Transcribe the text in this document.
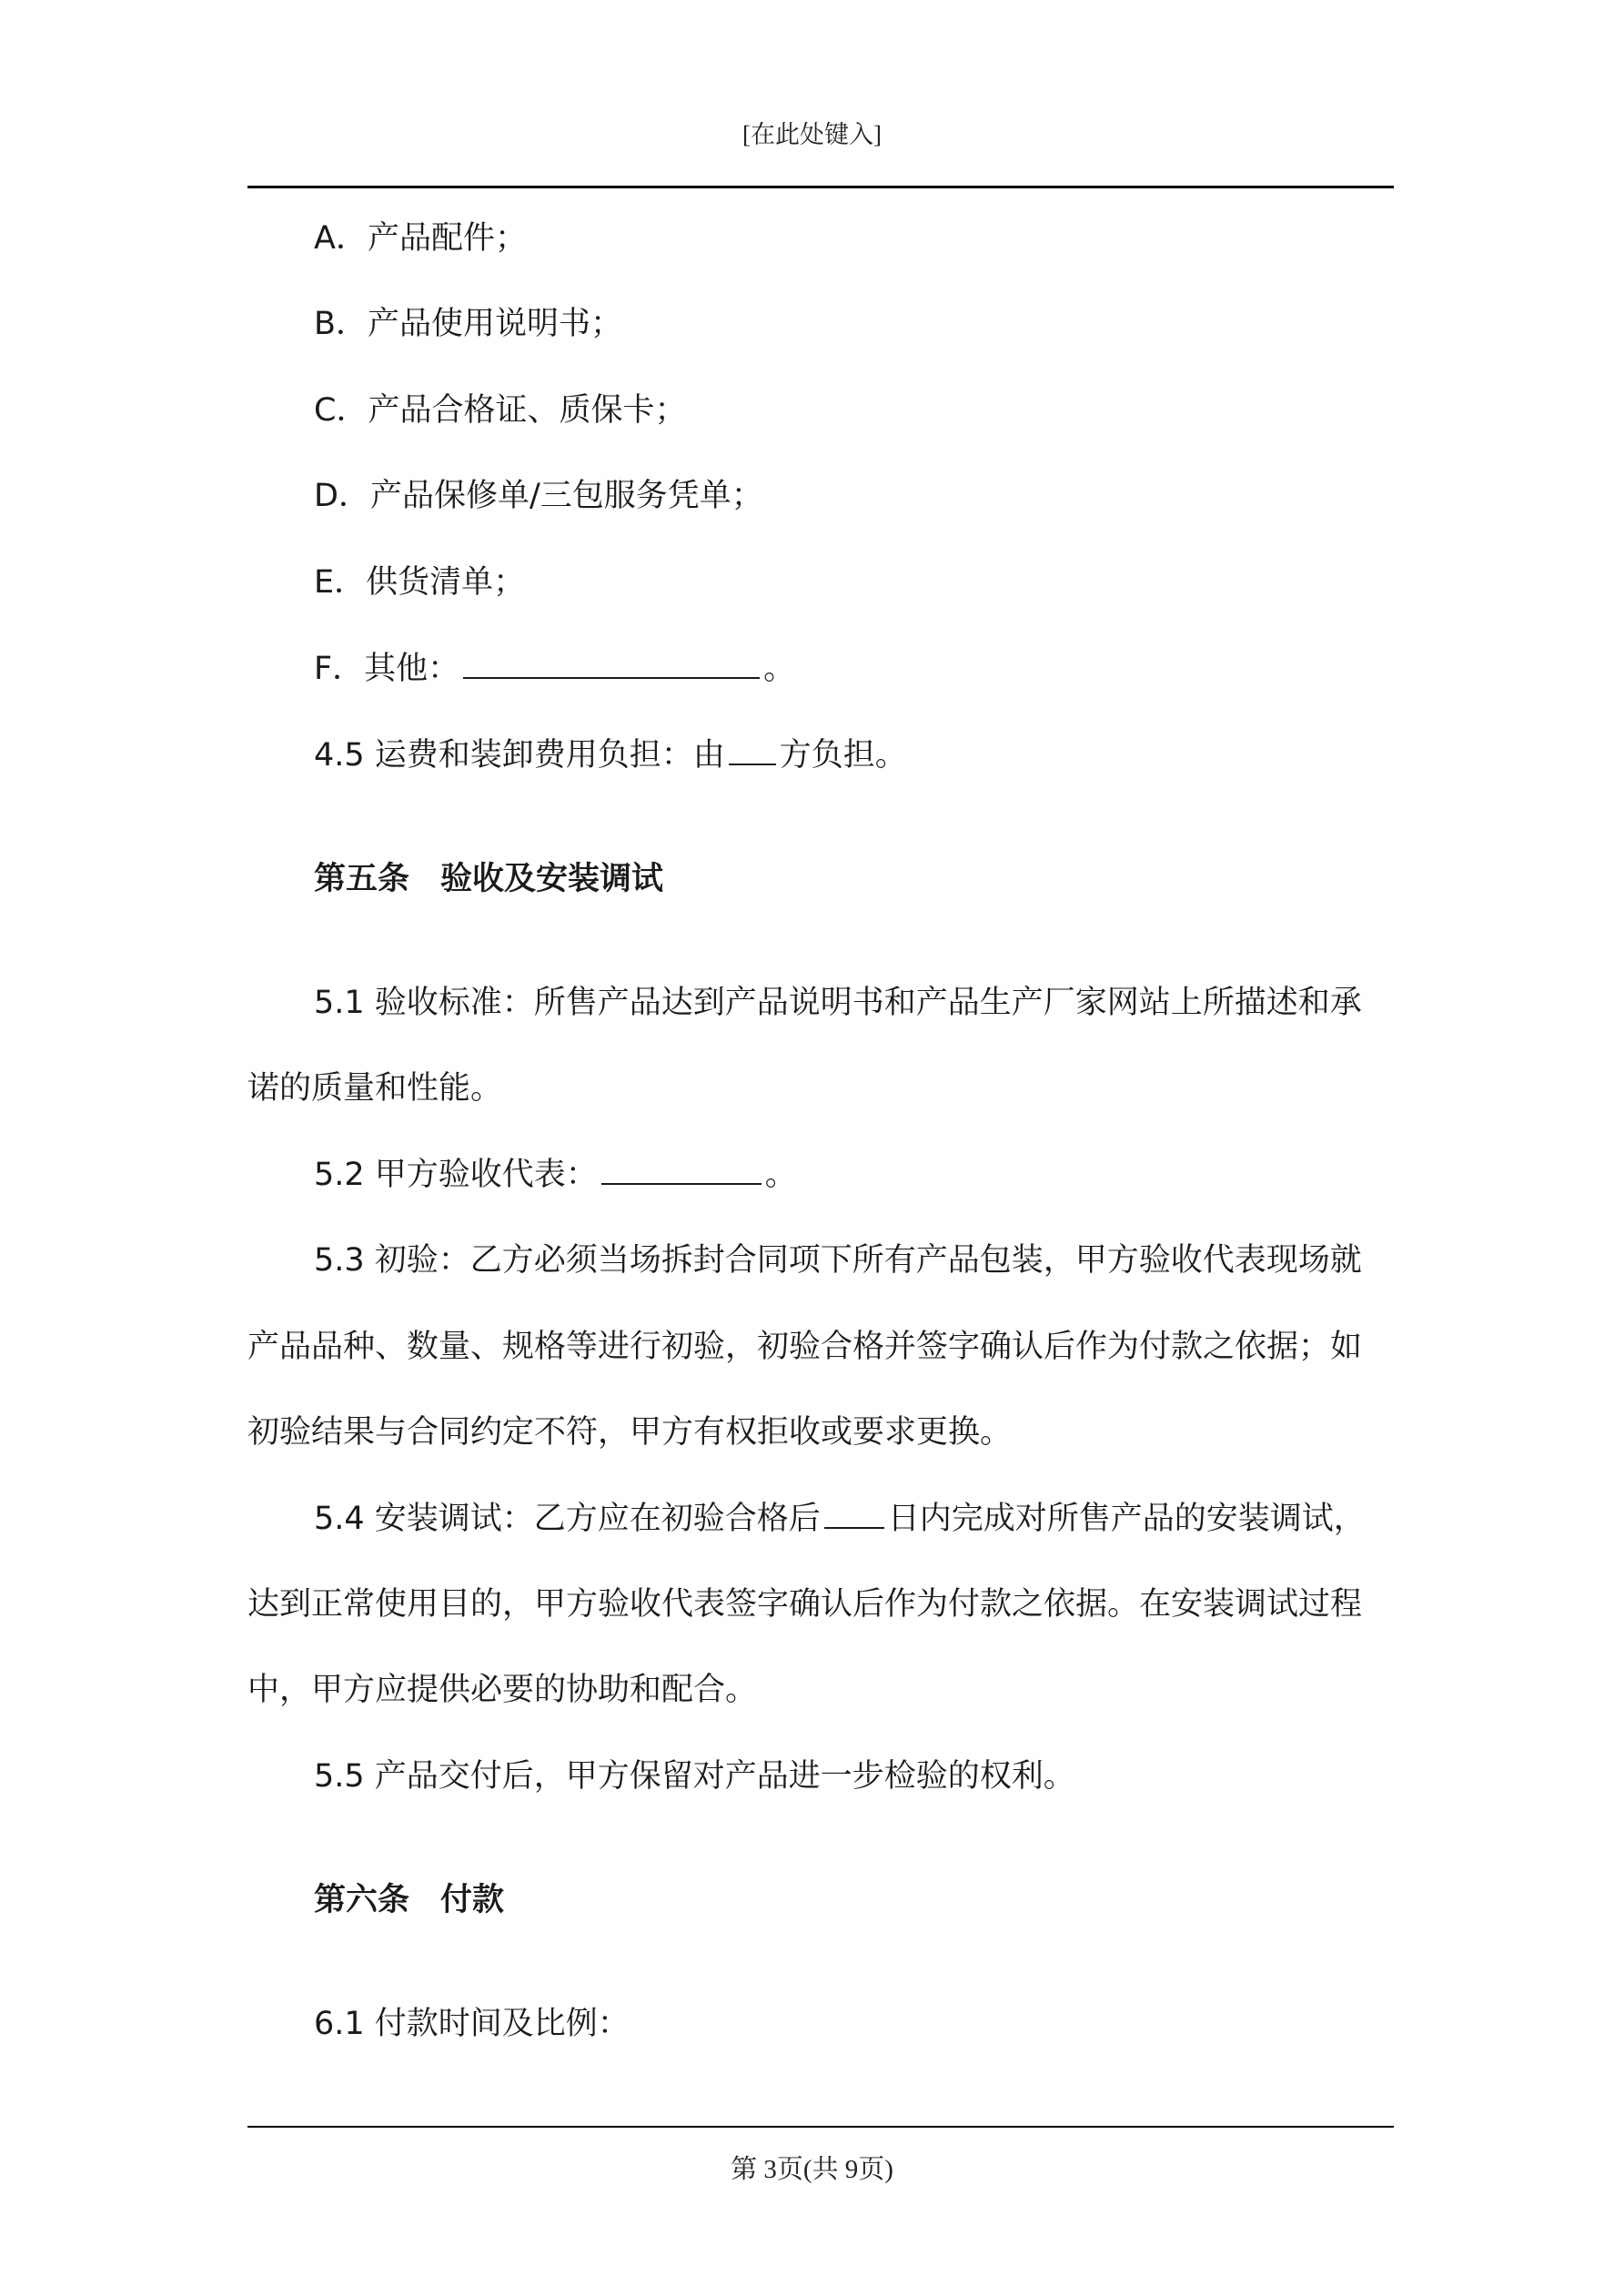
[在此处键入]
A．产品配件；
B．产品使用说明书；
C．产品合格证、质保卡；
D．产品保修单/三包服务凭单；
E．供货清单；
F．其他：	。
4.5 运费和装卸费用负担：由 方负担。
第五条 验收及安装调试
5.1 验收标准：所售产品达到产品说明书和产品生产厂家网站上所描述和承
诺的质量和性能。
5.2 甲方验收代表：	。
5.3 初验：乙方必须当场拆封合同项下所有产品包装，甲方验收代表现场就
产品品种、数量、规格等进行初验，初验合格并签字确认后作为付款之依据；如
初验结果与合同约定不符，甲方有权拒收或要求更换。
5.4 安装调试：乙方应在初验合格后 日内完成对所售产品的安装调试，
达到正常使用目的，甲方验收代表签字确认后作为付款之依据。在安装调试过程
中，甲方应提供必要的协助和配合。
5.5 产品交付后，甲方保留对产品进一步检验的权利。
第六条 付款
6.1 付款时间及比例：
第 3页(共 9页)
